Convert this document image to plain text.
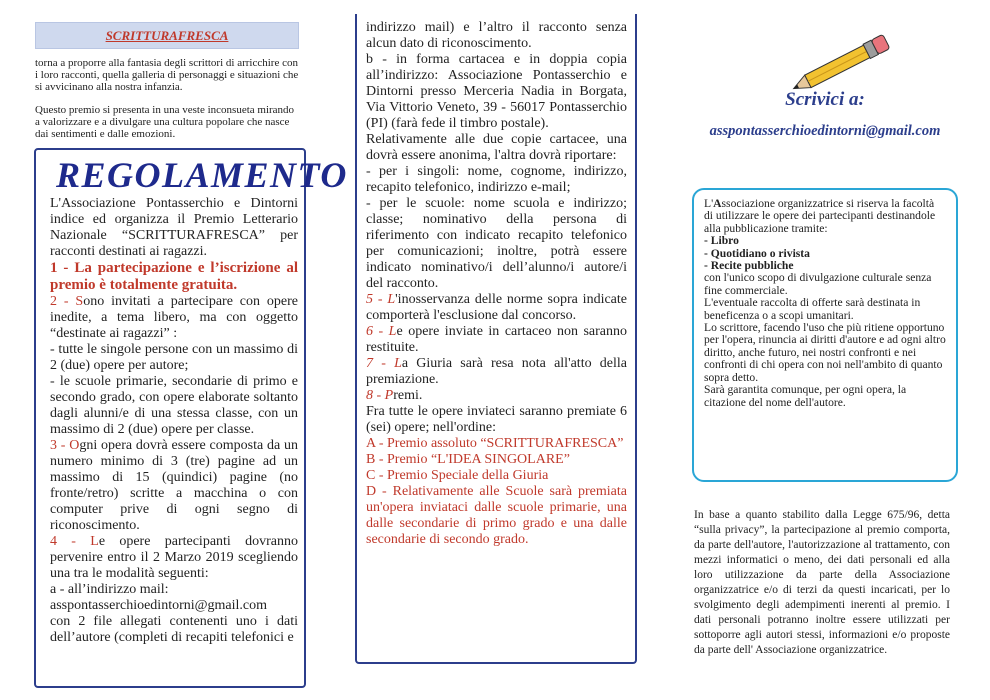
SCRITTURAFRESCA

torna a proporre alla fantasia degli scrittori di arricchire con i loro racconti, quella galleria di personaggi e situazioni che si avvicinano alla nostra infanzia.

Questo premio si presenta in una veste inconsueta mirando a valorizzare e a divulgare una cultura popolare che nasce dai sentimenti e dalle emozioni.

REGOLAMENTO

L'Associazione Pontasserchio e Dintorni indice ed organizza il Premio Letterario Nazionale “SCRITTURAFRESCA” per racconti destinati ai ragazzi.

1 - La partecipazione e l’iscrizione al premio è totalmente gratuita.

2 - Sono invitati a partecipare con opere inedite, a tema libero, ma con oggetto “destinate ai ragazzi” :

- tutte le singole persone con un massimo di 2 (due) opere per autore;

- le scuole primarie, secondarie di primo e secondo grado, con opere elaborate soltanto dagli alunni/e di una stessa classe, con un massimo di 2 (due) opere per classe.

3 - Ogni opera dovrà essere composta da un numero minimo di 3 (tre) pagine ad un massimo di 15 (quindici) pagine (no fronte/retro) scritte a macchina o con computer prive di ogni segno di riconoscimento.

4 - Le opere partecipanti dovranno pervenire entro il 2 Marzo 2019 scegliendo una tra le modalità seguenti:

a - all’indirizzo mail:

asspontasserchioedintorni@gmail.com

con 2 file allegati contenenti uno i dati dell’autore (completi di recapiti telefonici e

indirizzo mail) e l’altro il racconto senza alcun dato di riconoscimento.

b - in forma cartacea e in doppia copia all’indirizzo: Associazione Pontasserchio e Dintorni presso Merceria Nadia in Borgata, Via Vittorio Veneto, 39 - 56017 Pontasserchio (PI) (farà fede il timbro postale).

Relativamente alle due copie cartacee, una dovrà essere anonima, l'altra dovrà riportare:

- per i singoli: nome, cognome, indirizzo, recapito telefonico, indirizzo e-mail;

- per le scuole: nome scuola e indirizzo; classe; nominativo della persona di riferimento con indicato recapito telefonico per comunicazioni; inoltre, potrà essere indicato nominativo/i dell’alunno/i autore/i del racconto.

5 - L'inosservanza delle norme sopra indicate comporterà l'esclusione dal concorso.

6 - Le opere inviate in cartaceo non saranno restituite.

7 - La Giuria sarà resa nota all'atto della premiazione.

8 - Premi.

Fra tutte le opere inviateci saranno premiate 6 (sei) opere; nell'ordine:

A - Premio assoluto “SCRITTURAFRESCA”

B - Premio “L'IDEA SINGOLARE”

C - Premio Speciale della Giuria

D - Relativamente alle Scuole sarà premiata un'opera inviataci dalle scuole primarie, una dalle secondarie di primo grado e una dalle secondarie di secondo grado.

Scrivici a:
asspontasserchioedintorni@gmail.com

L'Associazione organizzatrice si riserva la facoltà di utilizzare le opere dei partecipanti destinandole alla pubblicazione tramite:

- Libro

- Quotidiano o rivista

- Recite pubbliche

con l'unico scopo di divulgazione culturale senza fine commerciale.

L'eventuale raccolta di offerte sarà destinata in beneficenza o a scopi umanitari.

Lo scrittore, facendo l'uso che più ritiene opportuno per l'opera, rinuncia ai diritti d'autore e ad ogni altro diritto, anche futuro, nei nostri confronti e nei confronti di chi opera con noi nell'ambito di quanto sopra detto.

Sarà garantita comunque, per ogni opera, la citazione del nome dell'autore.

In base a quanto stabilito dalla Legge 675/96, detta “sulla privacy”, la partecipazione al premio comporta, da parte dell'autore, l'autorizzazione al trattamento, con mezzi informatici o meno, dei dati personali ed alla loro utilizzazione da parte della Associazione organizzatrice e/o di terzi da questi incaricati, per lo svolgimento degli adempimenti inerenti al premio. I dati personali potranno inoltre essere utilizzati per sottoporre agli autori stessi, informazioni e/o proposte da parte dell' Associazione organizzatrice.
